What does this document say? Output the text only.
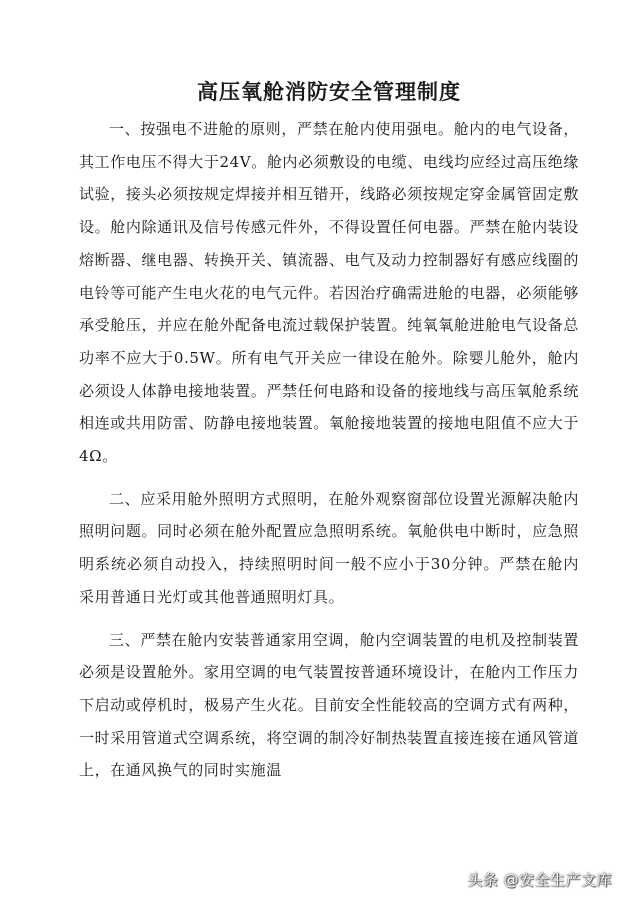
高压氧舱消防安全管理制度

一、按强电不进舱的原则，严禁在舱内使用强电。舱内的电气设备，其工作电压不得大于24V。舱内必须敷设的电缆、电线均应经过高压绝缘试验，接头必须按规定焊接并相互错开，线路必须按规定穿金属管固定敷设。舱内除通讯及信号传感元件外，不得设置任何电器。严禁在舱内装设熔断器、继电器、转换开关、镇流器、电气及动力控制器好有感应线圈的电铃等可能产生电火花的电气元件。若因治疗确需进舱的电器，必须能够承受舱压，并应在舱外配备电流过载保护装置。纯氧氧舱进舱电气设备总功率不应大于0.5W。所有电气开关应一律设在舱外。除婴儿舱外，舱内必须设人体静电接地装置。严禁任何电路和设备的接地线与高压氧舱系统相连或共用防雷、防静电接地装置。氧舱接地装置的接地电阻值不应大于4Ω。

二、应采用舱外照明方式照明，在舱外观察窗部位设置光源解决舱内照明问题。同时必须在舱外配置应急照明系统。氧舱供电中断时，应急照明系统必须自动投入，持续照明时间一般不应小于30分钟。严禁在舱内采用普通日光灯或其他普通照明灯具。

三、严禁在舱内安装普通家用空调，舱内空调装置的电机及控制装置必须是设置舱外。家用空调的电气装置按普通环境设计，在舱内工作压力下启动或停机时，极易产生火花。目前安全性能较高的空调方式有两种，一时采用管道式空调系统，将空调的制冷好制热装置直接连接在通风管道上，在通风换气的同时实施温

头条 @安全生产文库
